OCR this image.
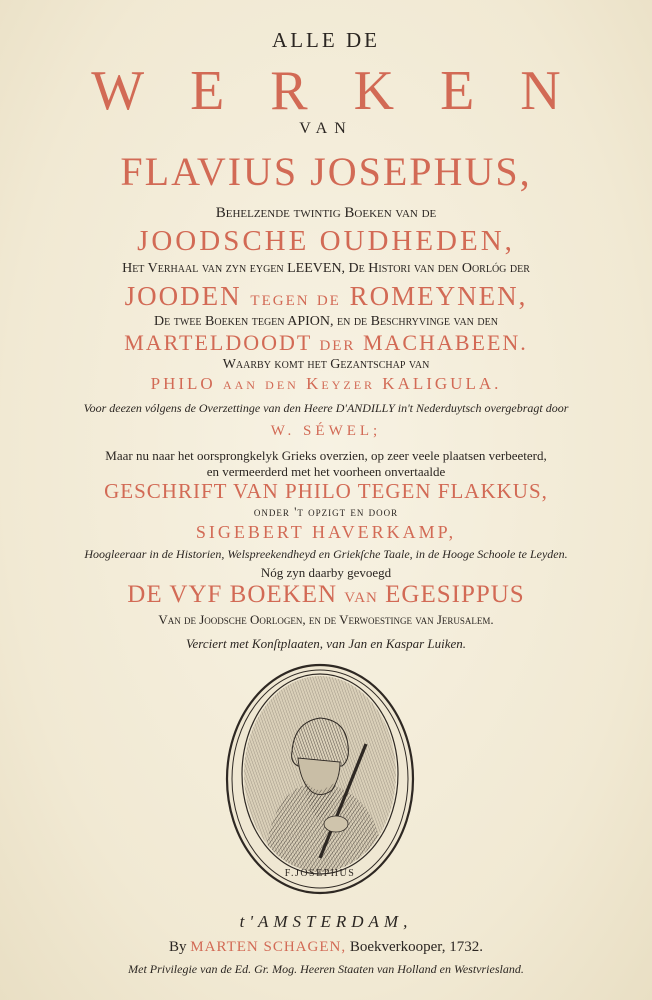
ALLE DE
WERKEN
VAN
FLAVIUS JOSEPHUS,
Behelzende twintig Boeken van de
JOODSCHE OUDHEDEN,
Het Verhaal van zyn eygen LEEVEN, De Histori van den Oorlóg der
JOODEN tegen de ROMEYNEN,
De twee Boeken tegen APION, en de Beschryvinge van den
MARTELDOODT der MACHABEEN.
Waarby komt het Gezantschap van
PHILO aan den Keyzer KALIGULA.
Voor deezen vólgens de Overzettinge van den Heere D'ANDILLY in't Nederduytsch overgebragt door
W. SÉWEL;
Maar nu naar het oorsprongkelyk Grieks overzien, op zeer veele plaatsen verbeeterd,
en vermeerderd met het voorheen onvertaalde
GESCHRIFT VAN PHILO TEGEN FLAKKUS,
onder 't opzigt en door
SIGEBERT HAVERKAMP,
Hoogleeraar in de Historien, Welspreekendheyd en Griekſche Taale, in de Hooge Schoole te Leyden.
Nóg zyn daarby gevoegd
DE VYF BOEKEN van EGESIPPUS
Van de Joodsche Oorlogen, en de Verwoestinge van Jerusalem.
Verciert met Konſtplaaten, van Jan en Kaspar Luiken.
F.JOSEPHUS
t'AMSTERDAM,
By MARTEN SCHAGEN, Boekverkooper, 1732.
Met Privilegie van de Ed. Gr. Mog. Heeren Staaten van Holland en Westvriesland.
